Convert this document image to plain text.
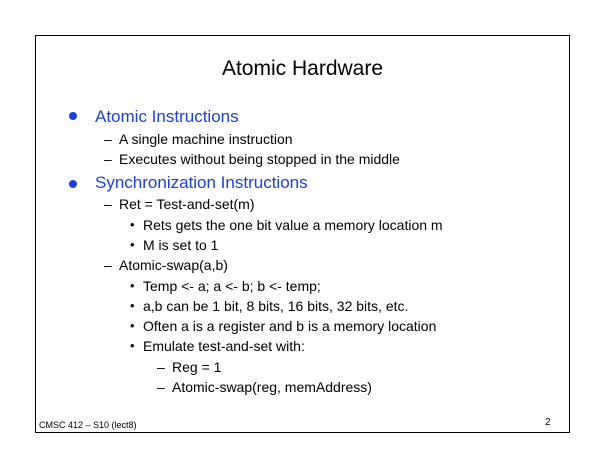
Atomic Hardware
Atomic Instructions
– A single machine instruction
– Executes without being stopped in the middle
Synchronization Instructions
– Ret = Test-and-set(m)
• Rets gets the one bit value a memory location m
• M is set to 1
– Atomic-swap(a,b)
• Temp <- a; a <- b; b <- temp;
• a,b can be 1 bit, 8 bits, 16 bits, 32 bits, etc.
• Often a is a register and b is a memory location
• Emulate test-and-set with:
– Reg = 1
– Atomic-swap(reg, memAddress)
CMSC 412 – S10 (lect8)	2
